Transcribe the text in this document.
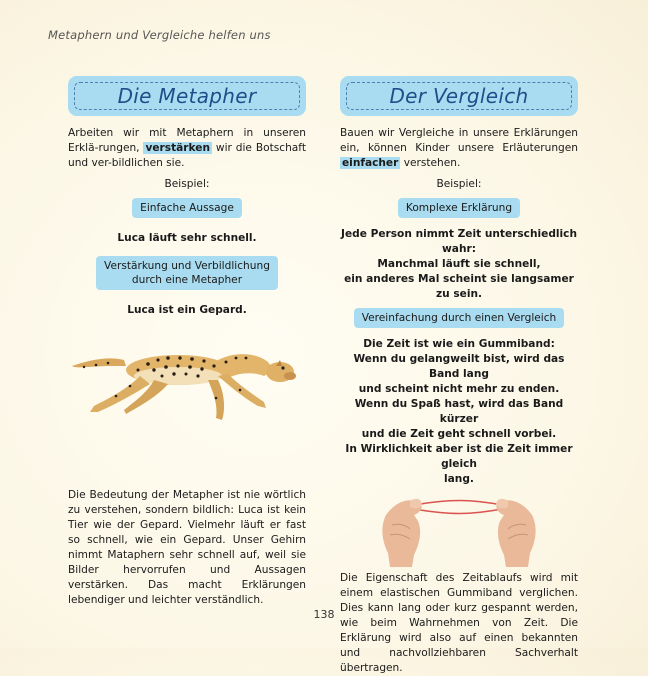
Metaphern und Vergleiche helfen uns
Die Metapher

Arbeiten wir mit Metaphern in unseren Erklä-rungen, verstärken wir die Botschaft und ver-bildlichen sie.

Beispiel:
Einfache Aussage
Luca läuft sehr schnell.
Verstärkung und Verbildlichung
durch eine Metapher
Luca ist ein Gepard.

Die Bedeutung der Metapher ist nie wörtlich zu verstehen, sondern bildlich: Luca ist kein Tier wie der Gepard. Vielmehr läuft er fast so schnell, wie ein Gepard. Unser Gehirn nimmt Mataphern sehr schnell auf, weil sie Bilder hervorrufen und Aussagen verstärken. Das macht Erklärungen lebendiger und leichter verständlich.

Der Vergleich

Bauen wir Vergleiche in unsere Erklärungen ein, können Kinder unsere Erläuterungen einfacher verstehen.

Beispiel:
Komplexe Erklärung
Jede Person nimmt Zeit unterschiedlich wahr:
Manchmal läuft sie schnell,
ein anderes Mal scheint sie langsamer zu sein.
Vereinfachung durch einen Vergleich
Die Zeit ist wie ein Gummiband:
Wenn du gelangweilt bist, wird das Band lang
und scheint nicht mehr zu enden.
Wenn du Spaß hast, wird das Band kürzer
und die Zeit geht schnell vorbei.
In Wirklichkeit aber ist die Zeit immer gleich
lang.

Die Eigenschaft des Zeitablaufs wird mit einem elastischen Gummiband verglichen. Dies kann lang oder kurz gespannt werden, wie beim Wahrnehmen von Zeit. Die Erklärung wird also auf einen bekannten und nachvollziehbaren Sachverhalt übertragen.

138
